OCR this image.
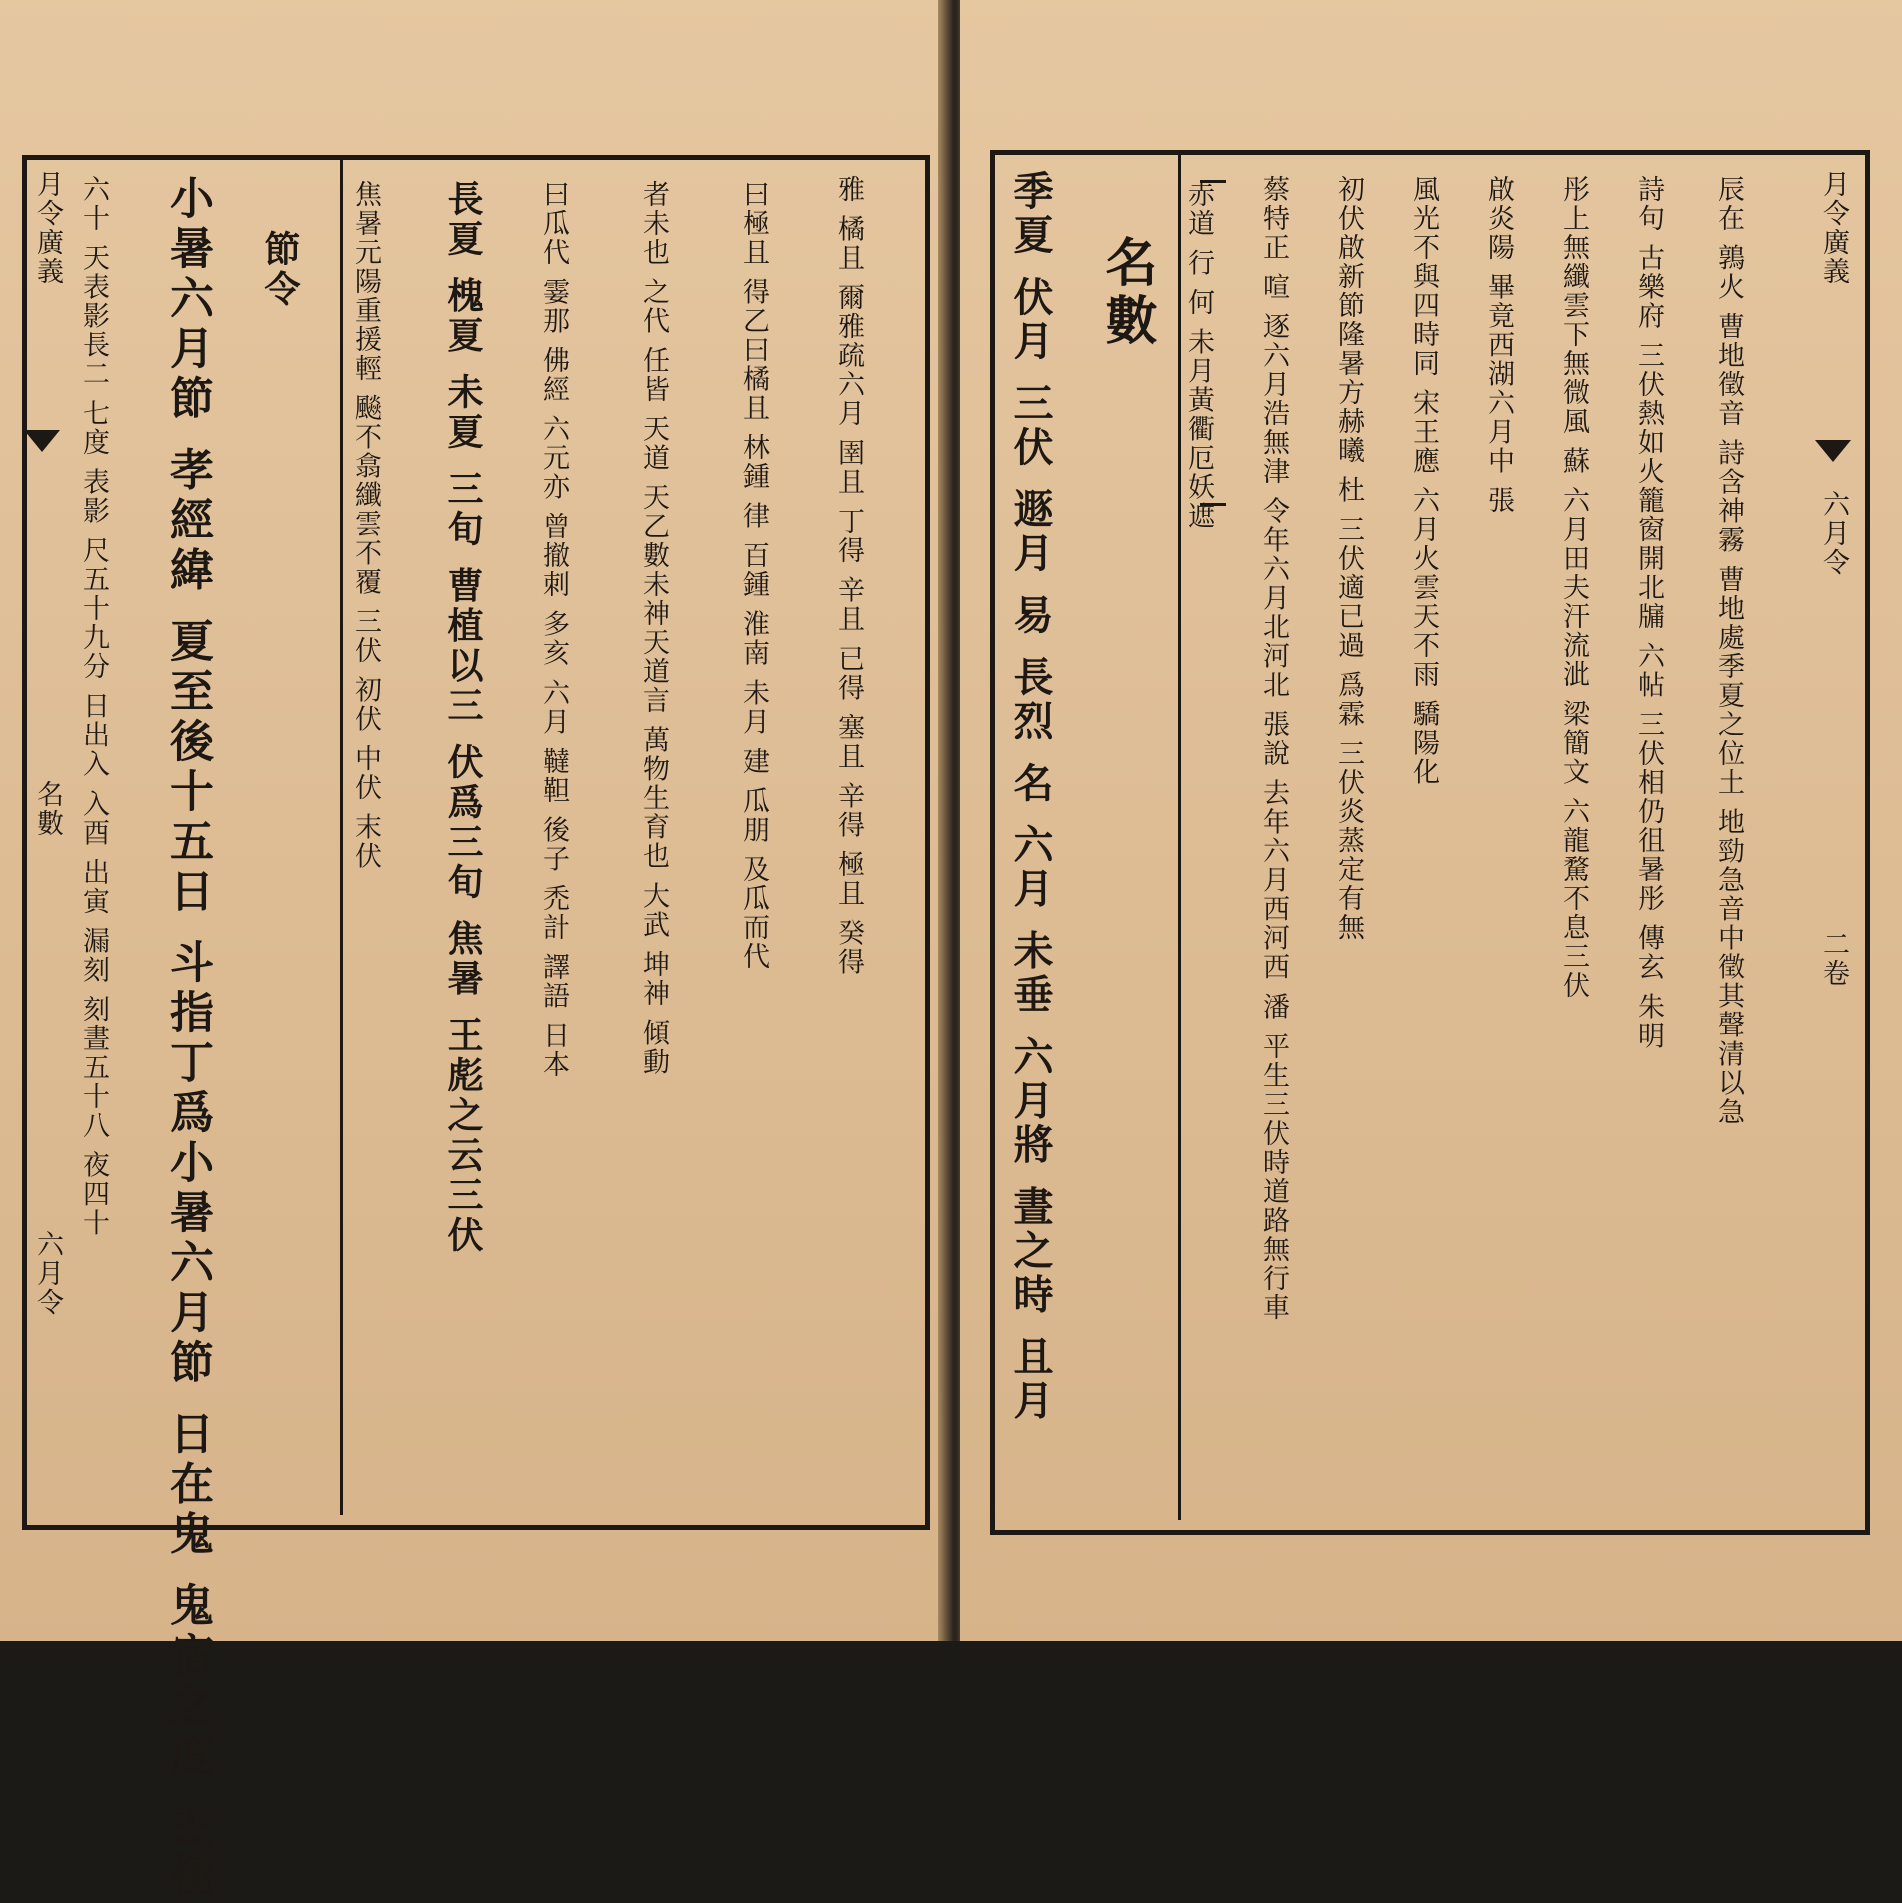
月令廣義
名數
六月令
六十 天表影長二 七度 表影 尺五十九分 日出入 入酉 出寅 漏刻 刻晝五十八 夜四十 小暑六月節 孝經緯 夏至後十五日 斗指丁爲小暑六月節 日在鬼 鬼宿之度 去極 節令 焦暑元陽重援輕 飈不翕纖雲不覆 三伏 初伏 中伏 末伏 長夏 槐夏 未夏 三旬 曹植以三 伏爲三旬 焦暑 王彪之云三伏 曰瓜代 霎那 佛經 六元亦 曾撤刺 多亥 六月 韃靼 後子 禿計 譯語 日本	者未也 之代 任皆 天道 天乙數未神天道言 萬物生育也 大武 坤神 傾動	曰極且 得乙曰橘且 林鍾 律 百鍾 淮南 未月 建 瓜朋 及瓜而代 雅 橘且 爾雅疏六月 圉且 丁得 辛且 已得 塞且 辛得 極且 癸得	季夏 伏月 三伏 遯月 易 長烈 名 六月 未垂 六月將 晝之時 且月 名數 赤道 行 何 未月黃衢厄妖遮 蔡特正 喧 逐六月浩無津 令年六月北河北 張說 去年六月西河西 潘 平生三伏時道路無行車 初伏啟新節隆暑方赫曦 杜 三伏適已過 爲霖 三伏炎蒸定有無 風光不與四時同 宋王應 六月火雲天不雨 驕陽化 啟炎陽 畢竟西湖六月中 張 彤上無纖雲下無微風 蘇 六月田夫汗流泚 梁簡文 六龍騖不息三伏 詩句 古樂府 三伏熱如火籠窗開北牖 六帖 三伏相仍徂暑彤 傳玄 朱明 辰在 鶉火 曹地徵音 詩含神霧 曹地處季夏之位土 地勁急音中徵其聲清以急	月令廣義
六月令
二卷
